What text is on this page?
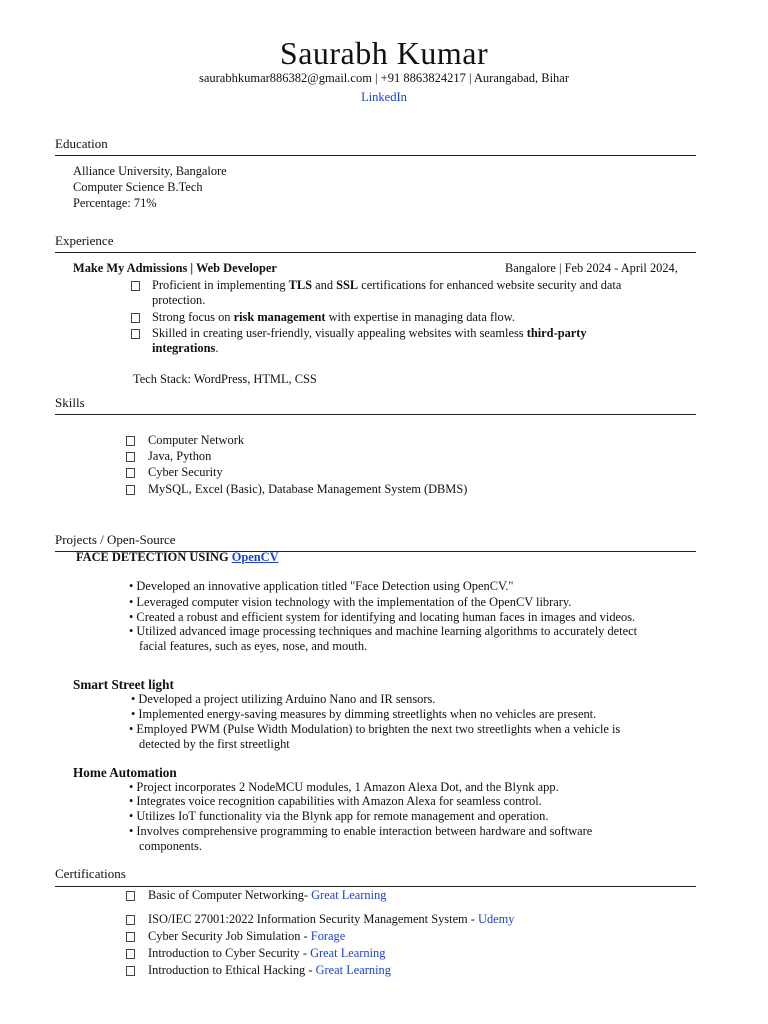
Saurabh Kumar
saurabhkumar886382@gmail.com | +91 8863824217 | Aurangabad, Bihar
LinkedIn
Education
Alliance University, Bangalore
Computer Science B.Tech
Percentage: 71%
Experience
Make My Admissions | Web Developer	Bangalore | Feb 2024 - April 2024,
Proficient in implementing TLS and SSL certifications for enhanced website security and data
protection.
Strong focus on risk management with expertise in managing data flow.
Skilled in creating user-friendly, visually appealing websites with seamless third-party
integrations.
Tech Stack: WordPress, HTML, CSS
Skills
Computer Network
Java, Python
Cyber Security
MySQL, Excel (Basic), Database Management System (DBMS)
Projects / Open-Source
FACE DETECTION USING OpenCV
• Developed an innovative application titled "Face Detection using OpenCV."
• Leveraged computer vision technology with the implementation of the OpenCV library.
• Created a robust and efficient system for identifying and locating human faces in images and videos.
• Utilized advanced image processing techniques and machine learning algorithms to accurately detect
facial features, such as eyes, nose, and mouth.
Smart Street light
• Developed a project utilizing Arduino Nano and IR sensors.
• Implemented energy-saving measures by dimming streetlights when no vehicles are present.
• Employed PWM (Pulse Width Modulation) to brighten the next two streetlights when a vehicle is
detected by the first streetlight
Home Automation
• Project incorporates 2 NodeMCU modules, 1 Amazon Alexa Dot, and the Blynk app.
• Integrates voice recognition capabilities with Amazon Alexa for seamless control.
• Utilizes IoT functionality via the Blynk app for remote management and operation.
• Involves comprehensive programming to enable interaction between hardware and software
components.
Certifications
Basic of Computer Networking- Great Learning
ISO/IEC 27001:2022 Information Security Management System - Udemy
Cyber Security Job Simulation - Forage
Introduction to Cyber Security - Great Learning
Introduction to Ethical Hacking - Great Learning
